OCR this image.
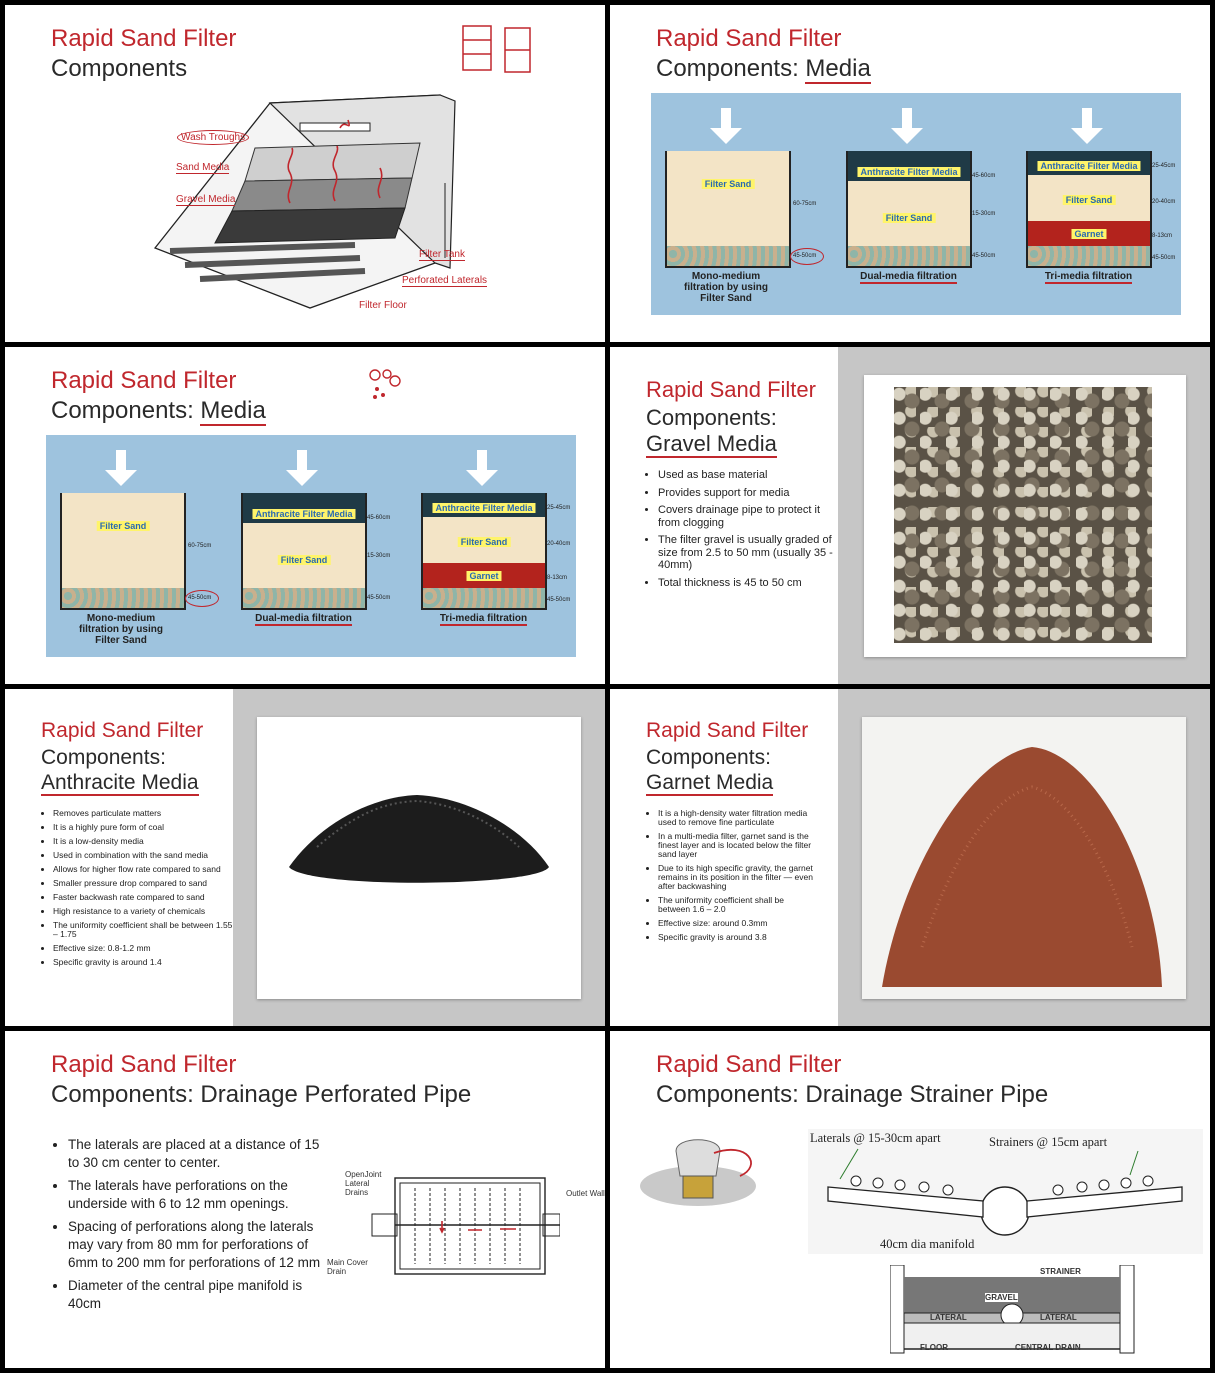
Rapid Sand Filter
Components
Wash Troughs
Sand Media
Gravel Media
Filter Tank
Perforated Laterals
Filter Floor
Rapid Sand Filter
Components: Media
Filter Sand
60-75cm
45-50cm
Mono-medium
filtration by using
Filter Sand
Anthracite Filter Media
Filter Sand
45-60cm
15-30cm
45-50cm
Dual-media filtration
Anthracite Filter Media
Filter Sand
Garnet
25-45cm
20-40cm
8-13cm
45-50cm
Tri-media filtration
Rapid Sand Filter
Components: Media
Filter Sand
60-75cm
45-50cm
Mono-medium
filtration by using
Filter Sand
Anthracite Filter Media
Filter Sand
45-60cm
15-30cm
45-50cm
Dual-media filtration
Anthracite Filter Media
Filter Sand
Garnet
25-45cm
20-40cm
8-13cm
45-50cm
Tri-media filtration
Rapid Sand Filter
Components:
Gravel Media
• Used as base material
• Provides support for media
• Covers drainage pipe to protect it from clogging
• The filter gravel is usually graded of size from 2.5 to 50 mm (usually 35 - 40mm)
• Total thickness is 45 to 50 cm
Rapid Sand Filter
Components:
Anthracite Media
• Removes particulate matters
• It is a highly pure form of coal
• It is a low-density media
• Used in combination with the sand media
• Allows for higher flow rate compared to sand
• Smaller pressure drop compared to sand
• Faster backwash rate compared to sand
• High resistance to a variety of chemicals
• The uniformity coefficient shall be between 1.55 – 1.75
• Effective size: 0.8-1.2 mm
• Specific gravity is around 1.4
Rapid Sand Filter
Components:
Garnet Media
• It is a high-density water filtration media used to remove fine particulate
• In a multi-media filter, garnet sand is the finest layer and is located below the filter sand layer
• Due to its high specific gravity, the garnet remains in its position in the filter — even after backwashing
• The uniformity coefficient shall be between 1.6 – 2.0
• Effective size: around 0.3mm
• Specific gravity is around 3.8
Rapid Sand Filter
Components: Drainage Perforated Pipe
• The laterals are placed at a distance of 15 to 30 cm center to center.
• The laterals have perforations on the underside with 6 to 12 mm openings.
• Spacing of perforations along the laterals may vary from 80 mm for perforations of 6mm to 200 mm for perforations of 12 mm
• Diameter of the central pipe manifold is 40cm
OpenJoint Lateral Drains	Outlet Wall
Main Cover Drain
Rapid Sand Filter
Components: Drainage Strainer Pipe
Laterals @ 15-30cm apart	Strainers @ 15cm apart
40cm dia manifold
STRAINER
GRAVEL
LATERAL	LATERAL
FLOOR	CENTRAL DRAIN
